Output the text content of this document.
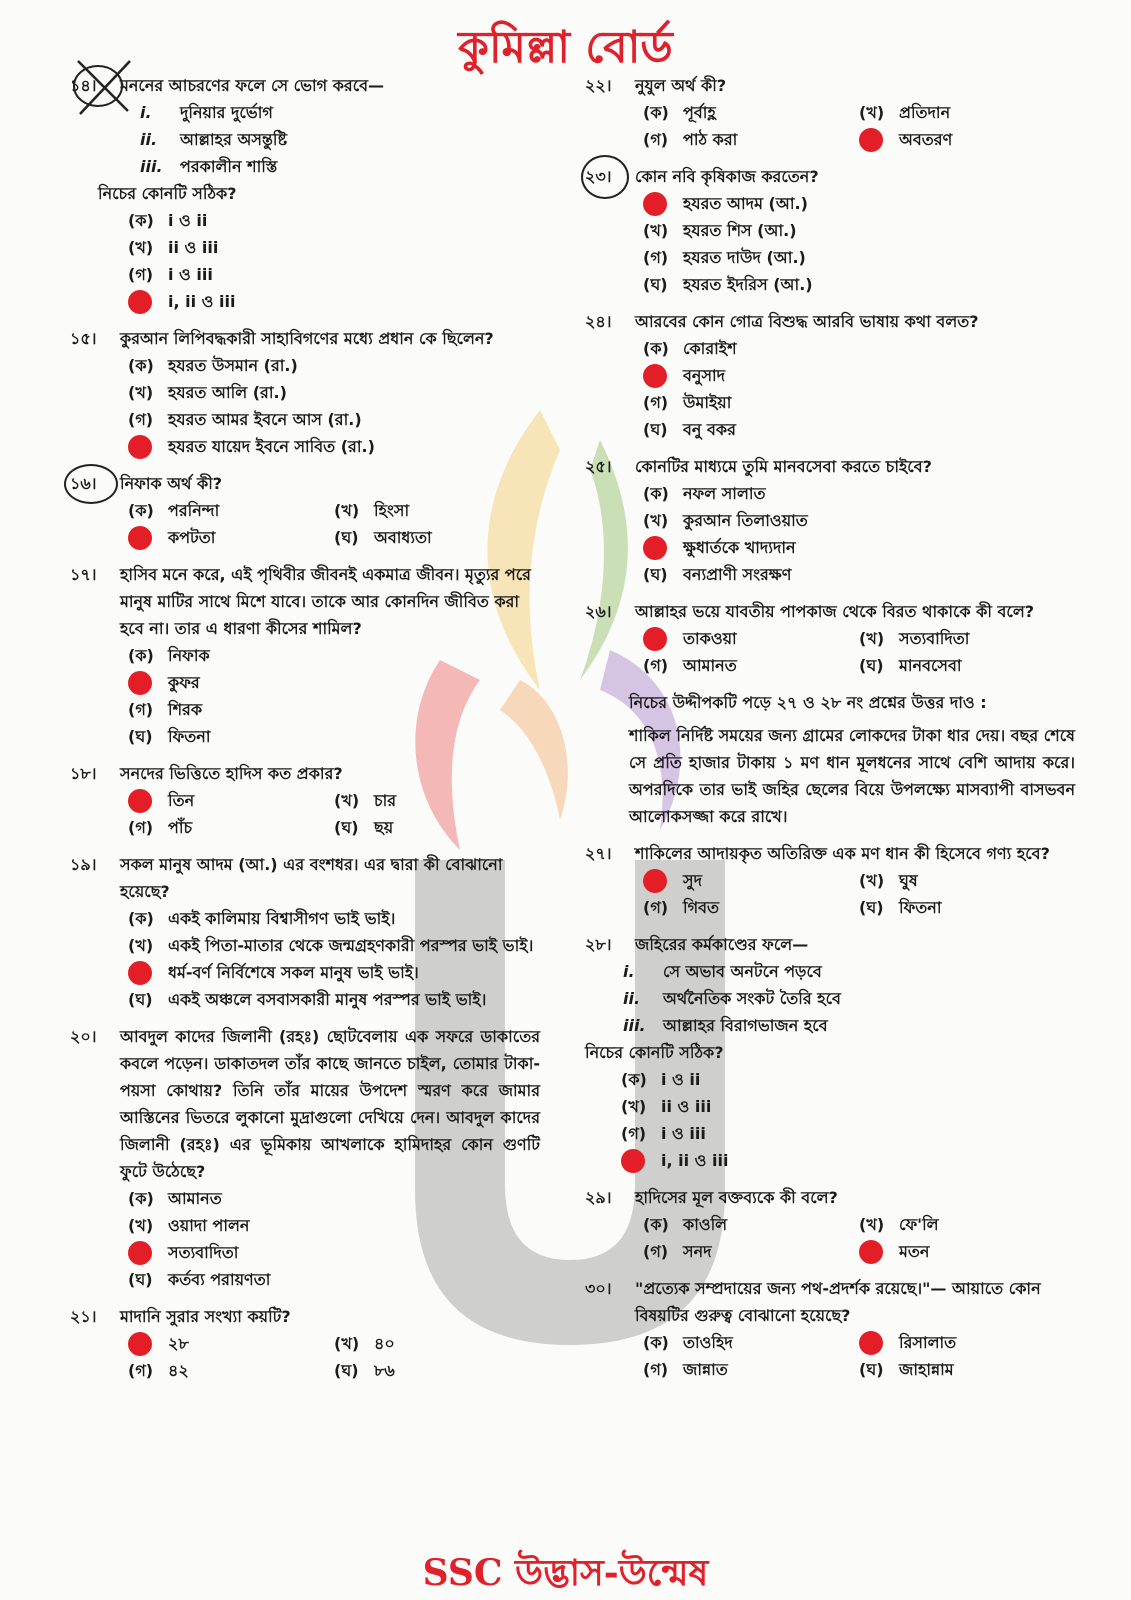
কুমিল্লা বোর্ড
১৪।	মননের আচরণের ফলে সে ভোগ করবে—
i.	দুনিয়ার দুর্ভোগ
ii.	আল্লাহর অসন্তুষ্টি
iii.	পরকালীন শাস্তি
নিচের কোনটি সঠিক?
(ক) i ও ii
(খ) ii ও iii
(গ) i ও iii
i, ii ও iii
১৫।	কুরআন লিপিবদ্ধকারী সাহাবিগণের মধ্যে প্রধান কে ছিলেন?
(ক) হযরত উসমান (রা.)
(খ) হযরত আলি (রা.)
(গ) হযরত আমর ইবনে আস (রা.)
হযরত যায়েদ ইবনে সাবিত (রা.)
১৬।	নিফাক অর্থ কী?
(ক) পরনিন্দা	(খ) হিংসা
কপটতা	(ঘ) অবাধ্যতা
১৭।	হাসিব মনে করে, এই পৃথিবীর জীবনই একমাত্র জীবন। মৃত্যুর পরে মানুষ মাটির সাথে মিশে যাবে। তাকে আর কোনদিন জীবিত করা হবে না। তার এ ধারণা কীসের শামিল?
(ক) নিফাক
কুফর
(গ) শিরক
(ঘ) ফিতনা
১৮।	সনদের ভিত্তিতে হাদিস কত প্রকার?
তিন	(খ) চার
(গ) পাঁচ	(ঘ) ছয়
১৯।	সকল মানুষ আদম (আ.) এর বংশধর। এর দ্বারা কী বোঝানো হয়েছে?
(ক) একই কালিমায় বিশ্বাসীগণ ভাই ভাই।
(খ) একই পিতা-মাতার থেকে জন্মগ্রহণকারী পরস্পর ভাই ভাই।
ধর্ম-বর্ণ নির্বিশেষে সকল মানুষ ভাই ভাই।
(ঘ) একই অঞ্চলে বসবাসকারী মানুষ পরস্পর ভাই ভাই।
২০।	আবদুল কাদের জিলানী (রহঃ) ছোটবেলায় এক সফরে ডাকাতের কবলে পড়েন। ডাকাতদল তাঁর কাছে জানতে চাইল, তোমার টাকা-পয়সা কোথায়? তিনি তাঁর মায়ের উপদেশ স্মরণ করে জামার আস্তিনের ভিতরে লুকানো মুদ্রাগুলো দেখিয়ে দেন। আবদুল কাদের জিলানী (রহঃ) এর ভূমিকায় আখলাকে হামিদাহর কোন গুণটি ফুটে উঠেছে?
(ক) আমানত
(খ) ওয়াদা পালন
সত্যবাদিতা
(ঘ) কর্তব্য পরায়ণতা
২১।	মাদানি সুরার সংখ্যা কয়টি?
২৮	(খ) ৪০
(গ) ৪২	(ঘ) ৮৬
২২।	নুযুল অর্থ কী?
(ক) পূর্বাহ্ণ	(খ) প্রতিদান
(গ) পাঠ করা	অবতরণ
২৩।	কোন নবি কৃষিকাজ করতেন?
হযরত আদম (আ.)
(খ) হযরত শিস (আ.)
(গ) হযরত দাউদ (আ.)
(ঘ) হযরত ইদরিস (আ.)
২৪।	আরবের কোন গোত্র বিশুদ্ধ আরবি ভাষায় কথা বলত?
(ক) কোরাইশ
বনুসাদ
(গ) উমাইয়া
(ঘ) বনু বকর
২৫।	কোনটির মাধ্যমে তুমি মানবসেবা করতে চাইবে?
(ক) নফল সালাত
(খ) কুরআন তিলাওয়াত
ক্ষুধার্তকে খাদ্যদান
(ঘ) বন্যপ্রাণী সংরক্ষণ
২৬।	আল্লাহর ভয়ে যাবতীয় পাপকাজ থেকে বিরত থাকাকে কী বলে?
তাকওয়া	(খ) সত্যবাদিতা
(গ) আমানত	(ঘ) মানবসেবা
নিচের উদ্দীপকটি পড়ে ২৭ ও ২৮ নং প্রশ্নের উত্তর দাও :
শাকিল নির্দিষ্ট সময়ের জন্য গ্রামের লোকদের টাকা ধার দেয়। বছর শেষে সে প্রতি হাজার টাকায় ১ মণ ধান মূলধনের সাথে বেশি আদায় করে। অপরদিকে তার ভাই জহির ছেলের বিয়ে উপলক্ষ্যে মাসব্যাপী বাসভবন আলোকসজ্জা করে রাখে।
২৭।	শাকিলের আদায়কৃত অতিরিক্ত এক মণ ধান কী হিসেবে গণ্য হবে?
সুদ	(খ) ঘুষ
(গ) গিবত	(ঘ) ফিতনা
২৮।	জহিরের কর্মকাণ্ডের ফলে—
i.	সে অভাব অনটনে পড়বে
ii.	অর্থনৈতিক সংকট তৈরি হবে
iii.	আল্লাহর বিরাগভাজন হবে
নিচের কোনটি সঠিক?
(ক) i ও ii
(খ) ii ও iii
(গ) i ও iii
i, ii ও iii
২৯।	হাদিসের মূল বক্তব্যকে কী বলে?
(ক) কাওলি	(খ) ফে'লি
(গ) সনদ	মতন
৩০।	"প্রত্যেক সম্প্রদায়ের জন্য পথ-প্রদর্শক রয়েছে।"— আয়াতে কোন বিষয়টির গুরুত্ব বোঝানো হয়েছে?
(ক) তাওহিদ	রিসালাত
(গ) জান্নাত	(ঘ) জাহান্নাম
SSC উদ্ভাস-উন্মেষ
